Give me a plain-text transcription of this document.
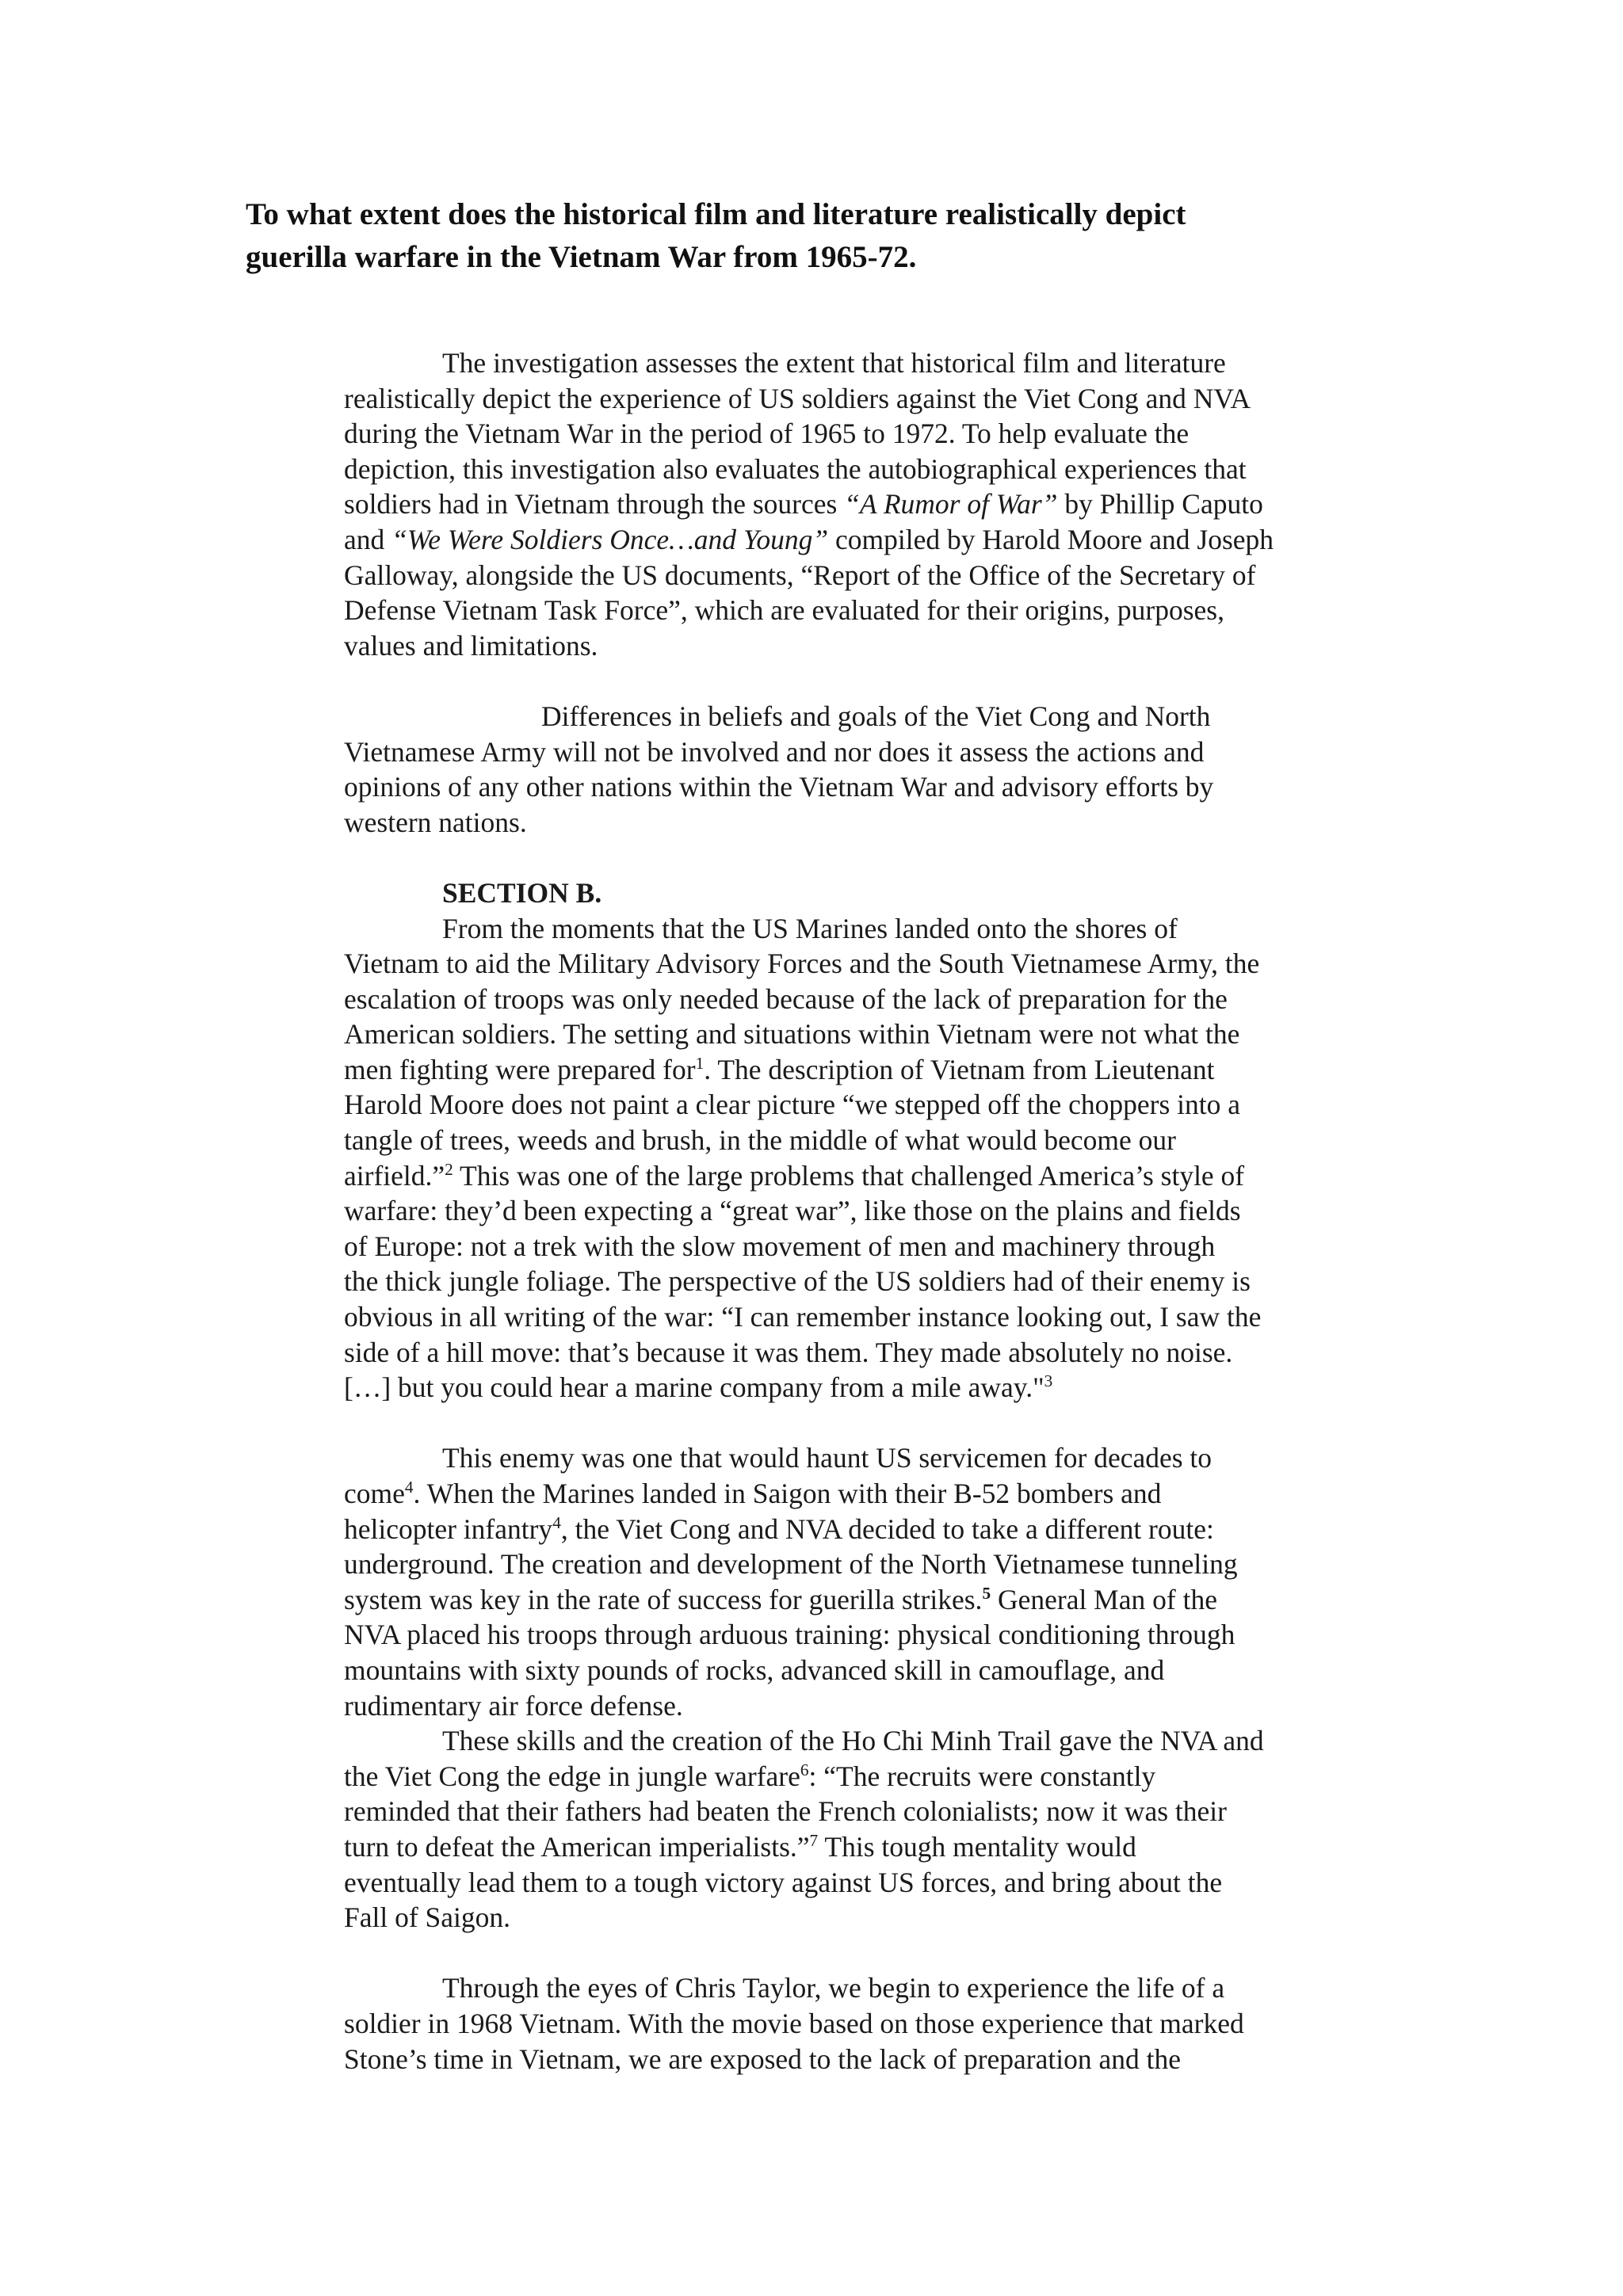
To what extent does the historical film and literature realistically depict
guerilla warfare in the Vietnam War from 1965-72.
The investigation assesses the extent that historical film and literature
realistically depict the experience of US soldiers against the Viet Cong and NVA
during the Vietnam War in the period of 1965 to 1972. To help evaluate the
depiction, this investigation also evaluates the autobiographical experiences that
soldiers had in Vietnam through the sources “A Rumor of War” by Phillip Caputo
and “We Were Soldiers Once…and Young” compiled by Harold Moore and Joseph
Galloway, alongside the US documents, “Report of the Office of the Secretary of
Defense Vietnam Task Force”, which are evaluated for their origins, purposes,
values and limitations.
Differences in beliefs and goals of the Viet Cong and North
Vietnamese Army will not be involved and nor does it assess the actions and
opinions of any other nations within the Vietnam War and advisory efforts by
western nations.
SECTION B.
From the moments that the US Marines landed onto the shores of
Vietnam to aid the Military Advisory Forces and the South Vietnamese Army, the
escalation of troops was only needed because of the lack of preparation for the
American soldiers. The setting and situations within Vietnam were not what the
men fighting were prepared for$^1$. The description of Vietnam from Lieutenant
Harold Moore does not paint a clear picture “we stepped off the choppers into a
tangle of trees, weeds and brush, in the middle of what would become our
airfield.”$^2$ This was one of the large problems that challenged America’s style of
warfare: they’d been expecting a “great war”, like those on the plains and fields
of Europe: not a trek with the slow movement of men and machinery through
the thick jungle foliage. The perspective of the US soldiers had of their enemy is
obvious in all writing of the war: “I can remember instance looking out, I saw the
side of a hill move: that’s because it was them. They made absolutely no noise.
[…] but you could hear a marine company from a mile away."$^3$
This enemy was one that would haunt US servicemen for decades to
come$^4$. When the Marines landed in Saigon with their B-52 bombers and
helicopter infantry$^4$, the Viet Cong and NVA decided to take a different route:
underground. The creation and development of the North Vietnamese tunneling
system was key in the rate of success for guerilla strikes.$^5$ General Man of the
NVA placed his troops through arduous training: physical conditioning through
mountains with sixty pounds of rocks, advanced skill in camouflage, and
rudimentary air force defense.
These skills and the creation of the Ho Chi Minh Trail gave the NVA and
the Viet Cong the edge in jungle warfare$^6$: “The recruits were constantly
reminded that their fathers had beaten the French colonialists; now it was their
turn to defeat the American imperialists.”$^7$ This tough mentality would
eventually lead them to a tough victory against US forces, and bring about the
Fall of Saigon.
Through the eyes of Chris Taylor, we begin to experience the life of a
soldier in 1968 Vietnam. With the movie based on those experience that marked
Stone’s time in Vietnam, we are exposed to the lack of preparation and the
